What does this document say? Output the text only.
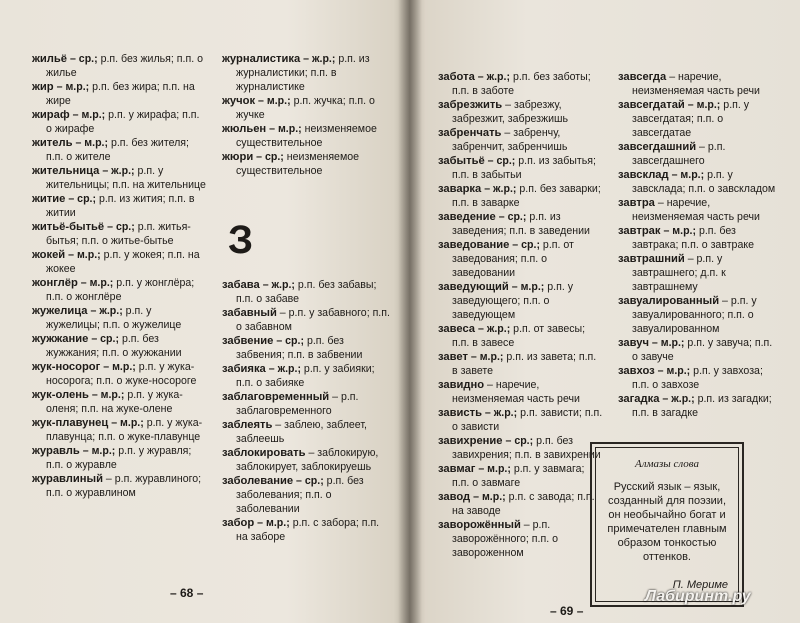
жильё – ср.; р.п. без жилья; п.п. о жилье
жир – м.р.; р.п. без жира; п.п. на жире
жираф – м.р.; р.п. у жирафа; п.п. о жирафе
житель – м.р.; р.п. без жителя; п.п. о жителе
жительница – ж.р.; р.п. у жительницы; п.п. на жительнице
житие – ср.; р.п. из жития; п.п. в житии
житьё-бытьё – ср.; р.п. житья-бытья; п.п. о житье-бытье
жокей – м.р.; р.п. у жокея; п.п. на жокее
жонглёр – м.р.; р.п. у жонглёра; п.п. о жонглёре
жужелица – ж.р.; р.п. у жужелицы; п.п. о жужелице
жужжание – ср.; р.п. без жужжания; п.п. о жужжании
жук-носорог – м.р.; р.п. у жука-носорога; п.п. о жуке-носороге
жук-олень – м.р.; р.п. у жука-оленя; п.п. на жуке-олене
жук-плавунец – м.р.; р.п. у жука-плавунца; п.п. о жуке-плавунце
журавль – м.р.; р.п. у журавля; п.п. о журавле
журавлиный – р.п. журавлиного; п.п. о журавлином
журналистика – ж.р.; р.п. из журналистики; п.п. в журналистике
жучок – м.р.; р.п. жучка; п.п. о жучке
жюльен – м.р.; неизменяемое существительное
жюри – ср.; неизменяемое существительное
З
забава – ж.р.; р.п. без забавы; п.п. о забаве
забавный – р.п. у забавного; п.п. о забавном
забвение – ср.; р.п. без забвения; п.п. в забвении
забияка – ж.р.; р.п. у забияки; п.п. о забияке
заблаговременный – р.п. заблаговременного
заблеять – заблею, заблеет, заблеешь
заблокировать – заблокирую, заблокирует, заблокируешь
заболевание – ср.; р.п. без заболевания; п.п. о заболевании
забор – м.р.; р.п. с забора; п.п. на заборе
– 68 –
забота – ж.р.; р.п. без заботы; п.п. в заботе
забрезжить – забрезжу, забрезжит, забрезжишь
забренчать – забренчу, забренчит, забренчишь
забытьё – ср.; р.п. из забытья; п.п. в забытьи
заварка – ж.р.; р.п. без заварки; п.п. в заварке
заведение – ср.; р.п. из заведения; п.п. в заведении
заведование – ср.; р.п. от заведования; п.п. о заведовании
заведующий – м.р.; р.п. у заведующего; п.п. о заведующем
завеса – ж.р.; р.п. от завесы; п.п. в завесе
завет – м.р.; р.п. из завета; п.п. в завете
завидно – наречие, неизменяемая часть речи
зависть – ж.р.; р.п. зависти; п.п. о зависти
завихрение – ср.; р.п. без завихрения; п.п. в завихрении
завмаг – м.р.; р.п. у завмага; п.п. о завмаге
завод – м.р.; р.п. с завода; п.п. на заводе
заворожённый – р.п. заворожённого; п.п. о завороженном
завсегда – наречие, неизменяемая часть речи
завсегдатай – м.р.; р.п. у завсегдатая; п.п. о завсегдатае
завсегдашний – р.п. завсегдашнего
завсклад – м.р.; р.п. у завсклада; п.п. о завскладом
завтра – наречие, неизменяемая часть речи
завтрак – м.р.; р.п. без завтрака; п.п. о завтраке
завтрашний – р.п. у завтрашнего; д.п. к завтрашнему
завуалированный – р.п. у завуалированного; п.п. о завуалированном
завуч – м.р.; р.п. у завуча; п.п. о завуче
завхоз – м.р.; р.п. у завхоза; п.п. о завхозе
загадка – ж.р.; р.п. из загадки; п.п. в загадке
Алмазы слова
Русский язык – язык, созданный для поэзии, он необычайно богат и примечателен главным образом тонкостью оттенков.
П. Мериме
– 69 –
Лабиринт.ру
